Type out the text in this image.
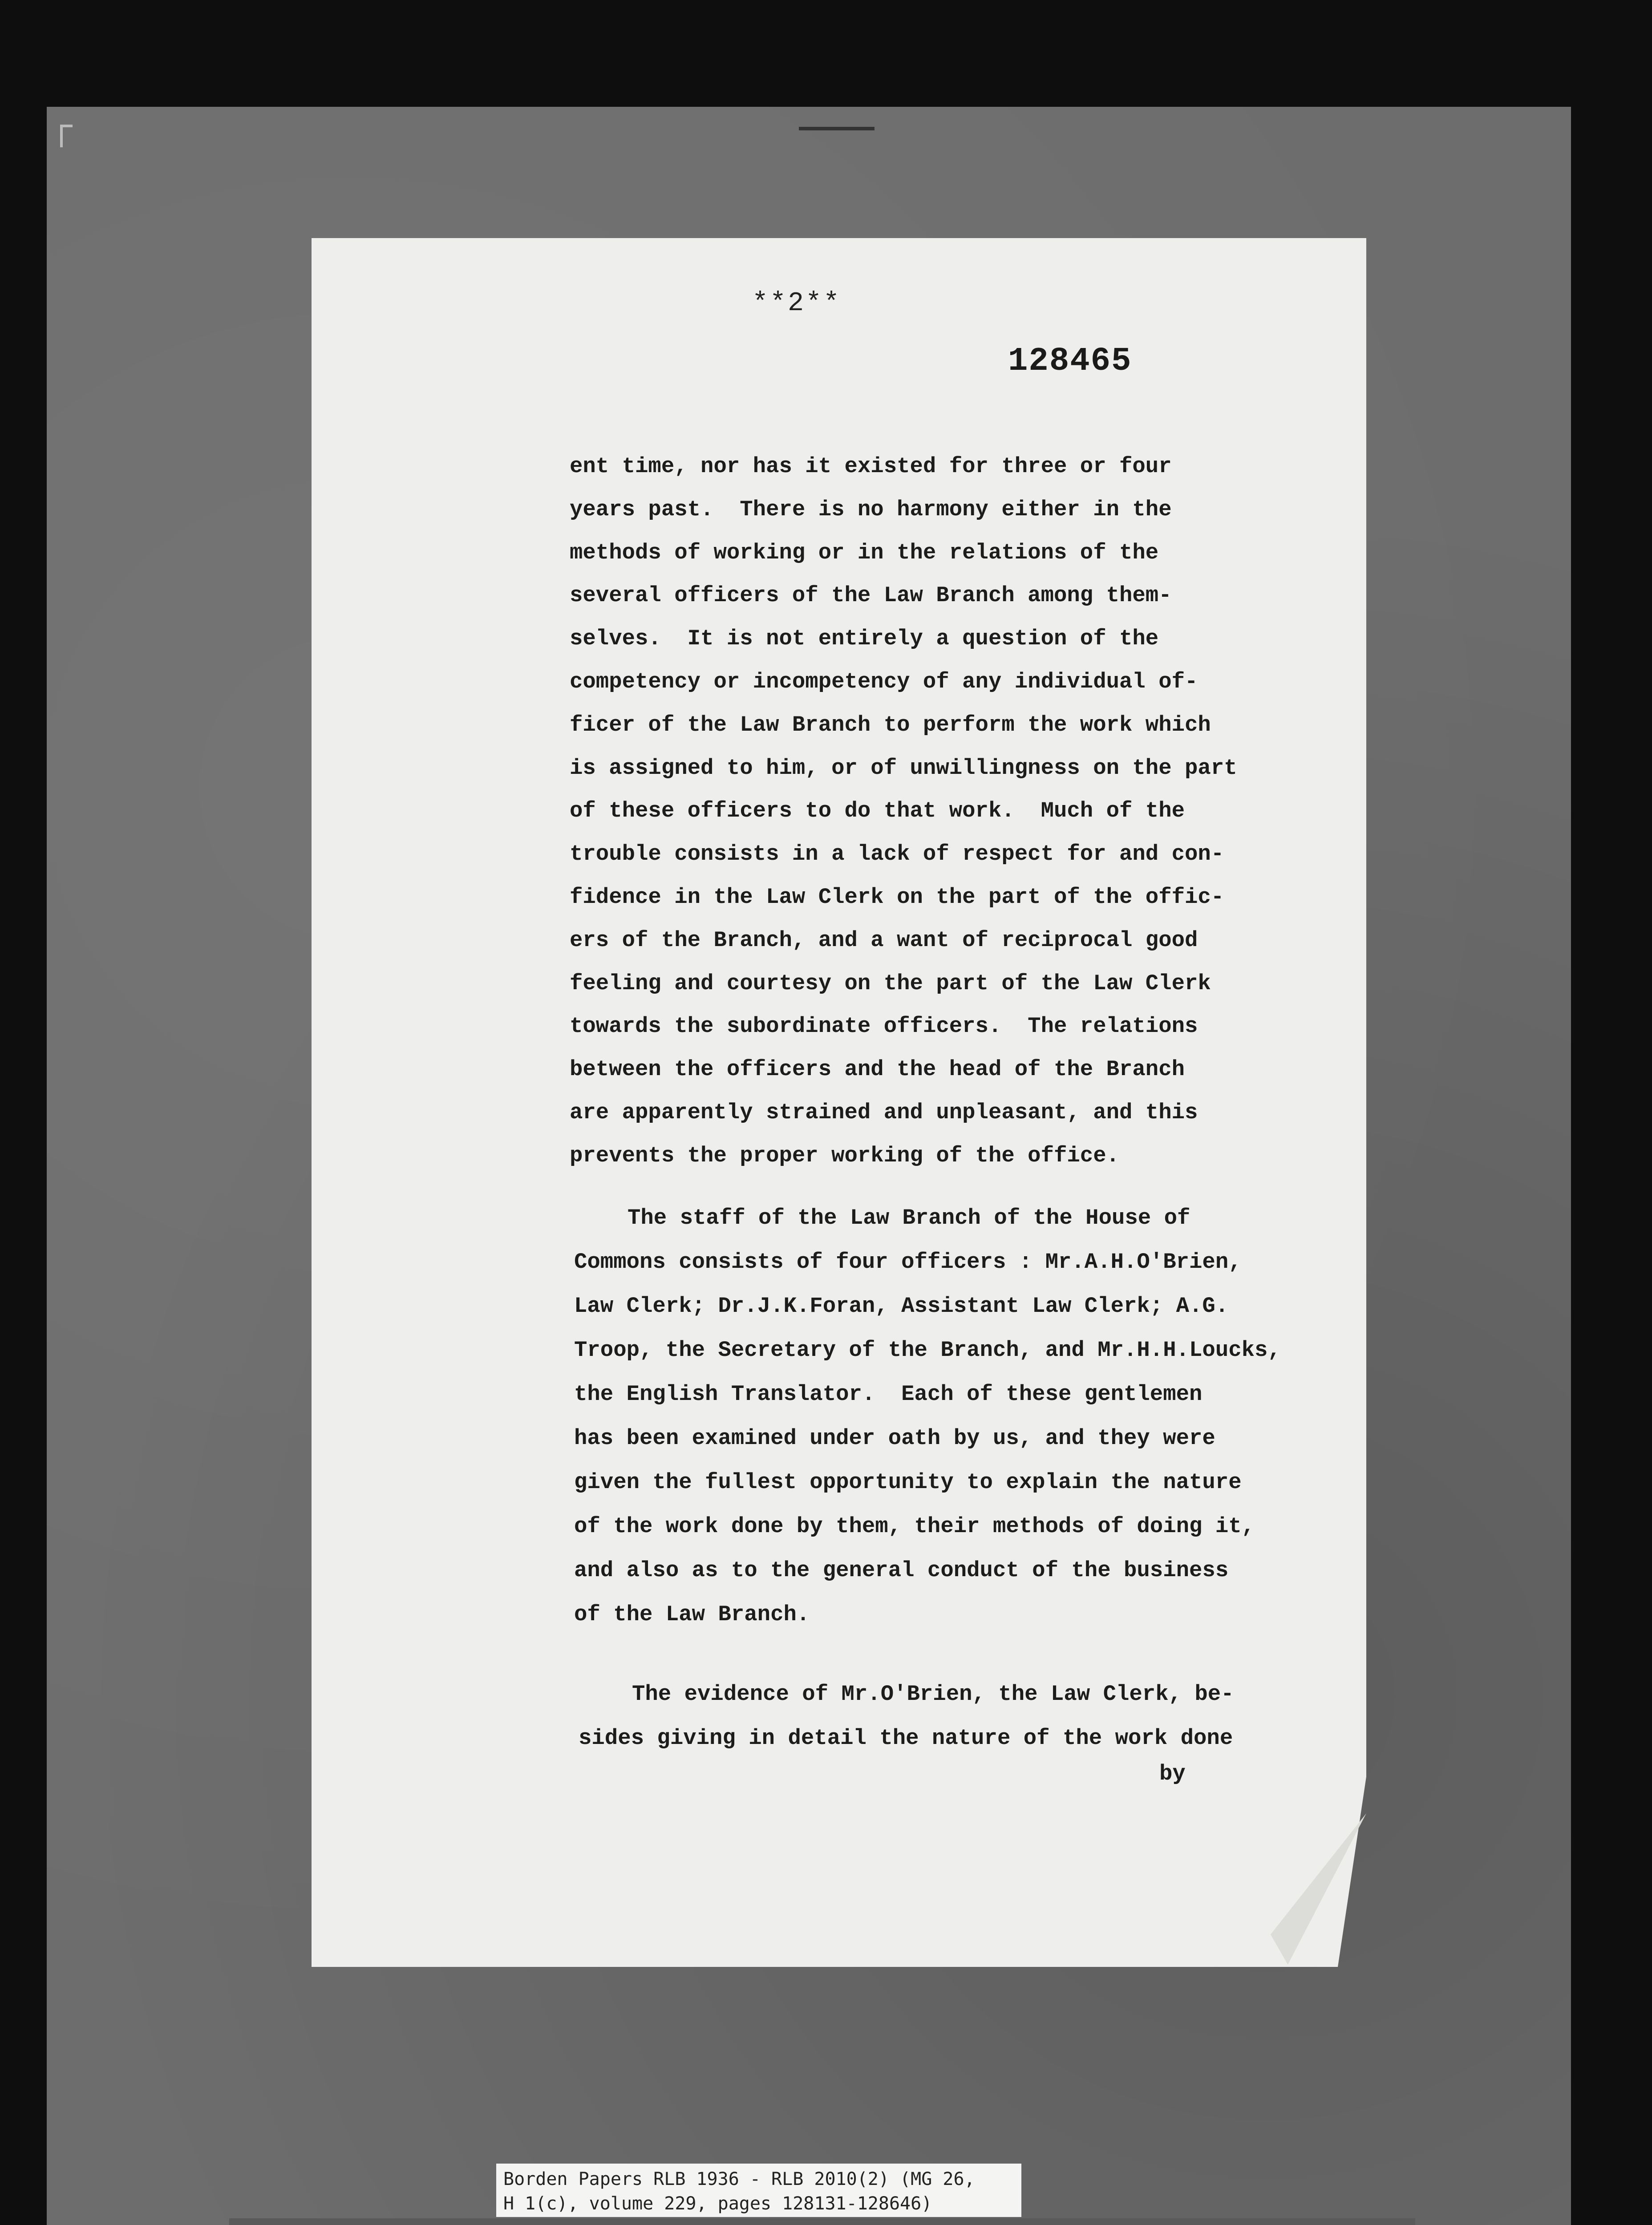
**2**
128465
ent time, nor has it existed for three or four
years past.  There is no harmony either in the
methods of working or in the relations of the
several officers of the Law Branch among them-
selves.  It is not entirely a question of the
competency or incompetency of any individual of-
ficer of the Law Branch to perform the work which
is assigned to him, or of unwillingness on the part
of these officers to do that work.  Much of the
trouble consists in a lack of respect for and con-
fidence in the Law Clerk on the part of the offic-
ers of the Branch, and a want of reciprocal good
feeling and courtesy on the part of the Law Clerk
towards the subordinate officers.  The relations
between the officers and the head of the Branch
are apparently strained and unpleasant, and this
prevents the proper working of the office.
The staff of the Law Branch of the House of
Commons consists of four officers : Mr.A.H.O'Brien,
Law Clerk; Dr.J.K.Foran, Assistant Law Clerk; A.G.
Troop, the Secretary of the Branch, and Mr.H.H.Loucks,
the English Translator.  Each of these gentlemen
has been examined under oath by us, and they were
given the fullest opportunity to explain the nature
of the work done by them, their methods of doing it,
and also as to the general conduct of the business
of the Law Branch.
The evidence of Mr.O'Brien, the Law Clerk, be-
sides giving in detail the nature of the work done
by
Borden Papers RLB 1936 - RLB 2010(2) (MG 26,
H 1(c), volume 229, pages 128131-128646)
